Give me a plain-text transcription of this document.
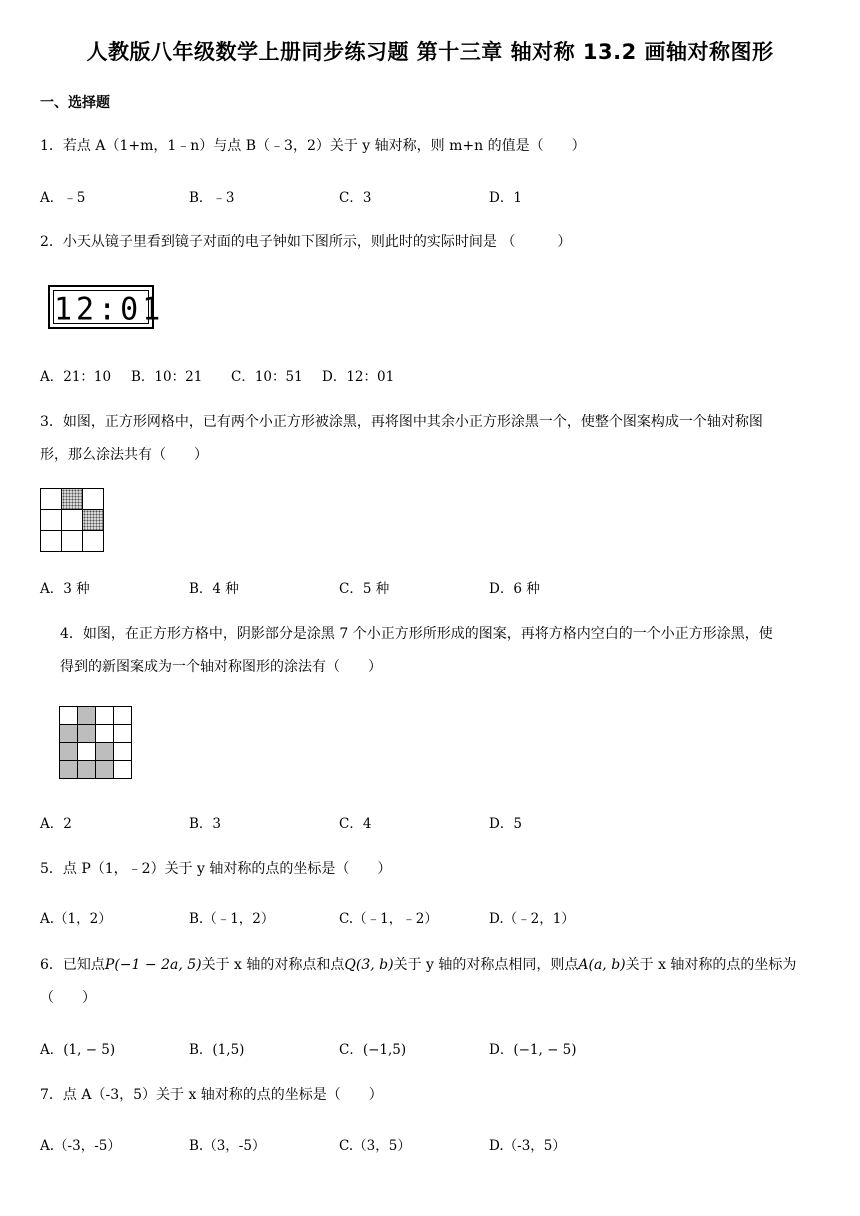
人教版八年级数学上册同步练习题 第十三章 轴对称 13.2 画轴对称图形
一、选择题
1．若点 A（1+m，1﹣n）与点 B（﹣3，2）关于 y 轴对称，则 m+n 的值是（　　）
A．﹣5	B．﹣3	C．3	D．1
2．小天从镜子里看到镜子对面的电子钟如下图所示，则此时的实际时间是 （　　　）
12:01
A．21：10 B．10：21 C．10：51 D．12：01
3．如图，正方形网格中，已有两个小正方形被涂黑，再将图中其余小正方形涂黑一个，使整个图案构成一个轴对称图
形，那么涂法共有（　　）
A．3 种	B．4 种	C．5 种	D．6 种
4．如图，在正方形方格中，阴影部分是涂黑 7 个小正方形所形成的图案，再将方格内空白的一个小正方形涂黑，使
得到的新图案成为一个轴对称图形的涂法有（　　）
A．2	B．3	C．4	D．5
5．点 P（1，﹣2）关于 y 轴对称的点的坐标是（　　）
A.（1，2）	B.（﹣1，2）	C.（﹣1，﹣2）	D.（﹣2，1）
6．已知点P(−1 − 2a, 5)关于 x 轴的对称点和点Q(3, b)关于 y 轴的对称点相同，则点A(a, b)关于 x 轴对称的点的坐标为
（　　）
A．(1, − 5)	B．(1,5)	C．(−1,5)	D．(−1, − 5)
7．点 A（-3，5）关于 x 轴对称的点的坐标是（　　）
A.（-3，-5）	B.（3，-5）	C.（3，5）	D.（-3，5）
